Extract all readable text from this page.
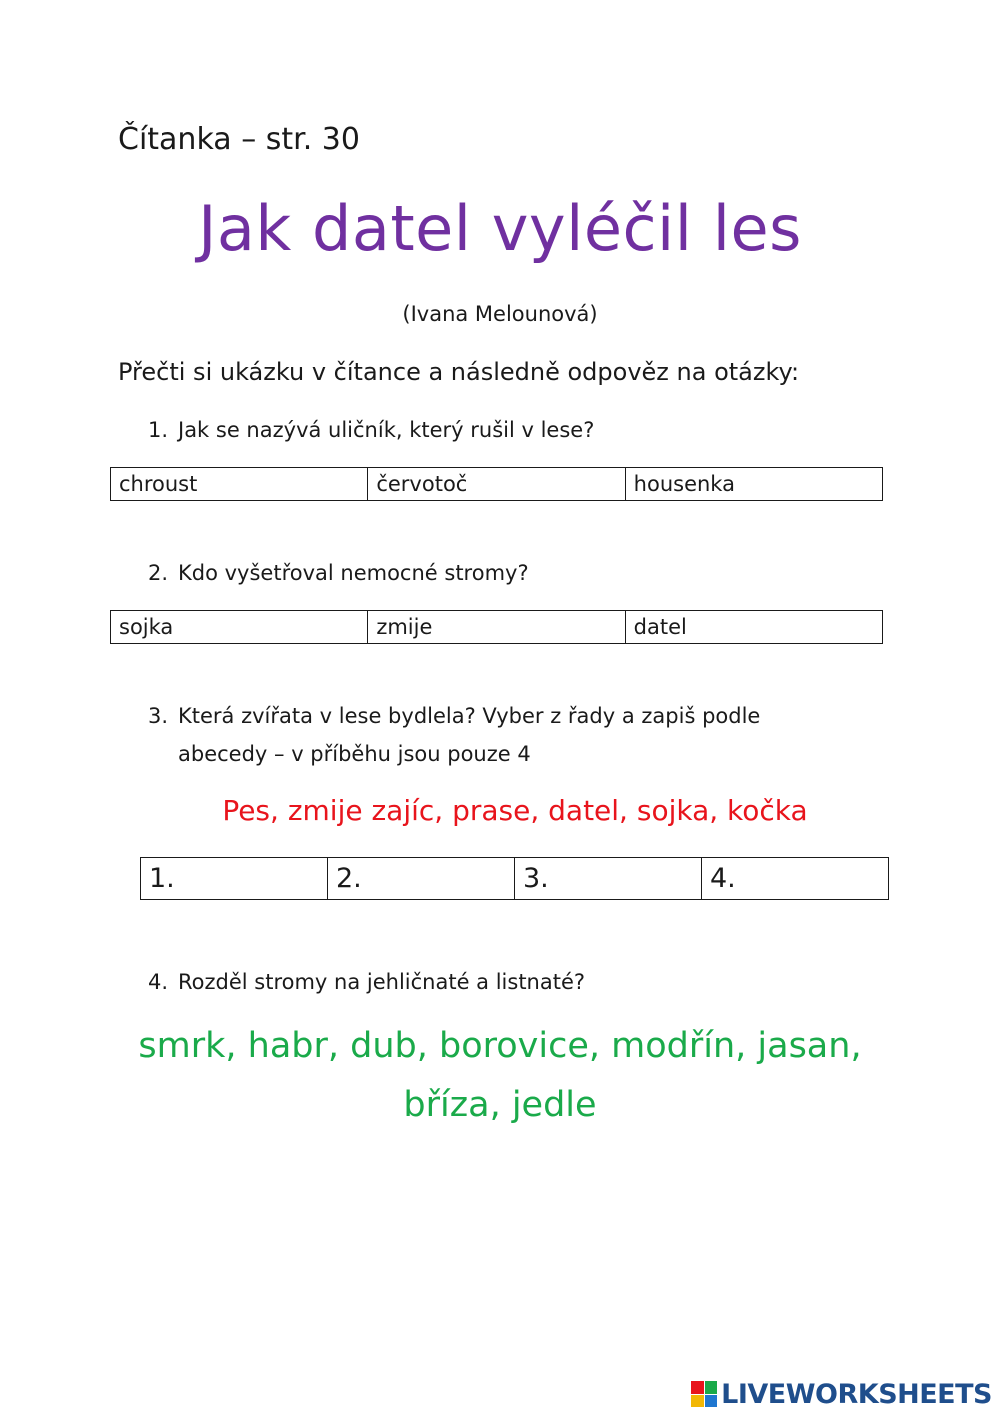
Čítanka – str. 30
Jak datel vyléčil les
(Ivana Melounová)
Přečti si ukázku v čítance a následně odpověz na otázky:
1. Jak se nazývá uličník, který rušil v lese?
chroust	červotoč	housenka
2. Kdo vyšetřoval nemocné stromy?
sojka	zmije	datel
3. Která zvířata v lese bydlela? Vyber z řady a zapiš podle
abecedy – v příběhu jsou pouze 4
Pes, zmije zajíc, prase, datel, sojka, kočka
1.	2.	3.	4.
4. Rozděl stromy na jehličnaté a listnaté?
smrk, habr, dub, borovice, modřín, jasan,
bříza, jedle
LIVEWORKSHEETS
